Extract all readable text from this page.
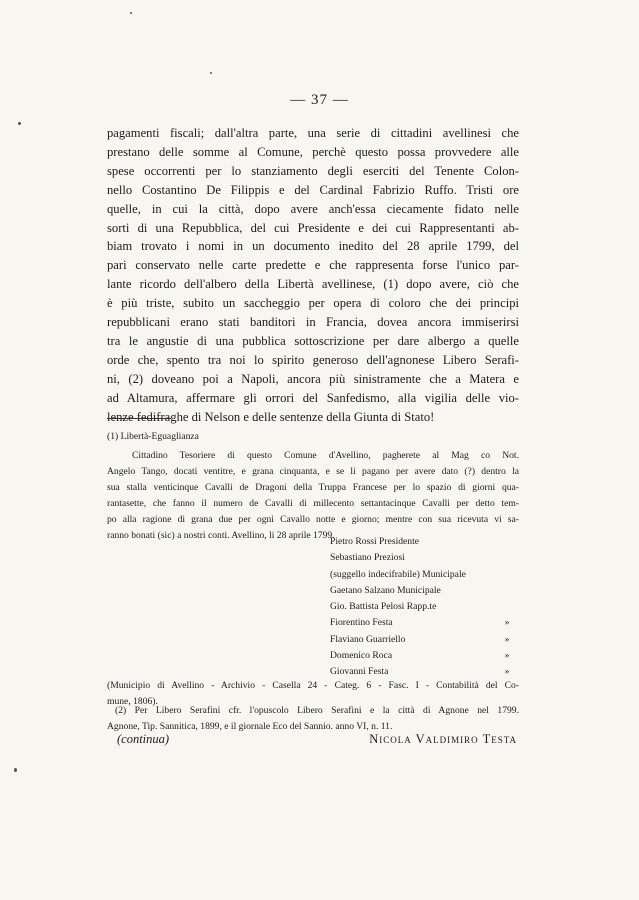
— 37 —
pagamenti fiscali; dall'altra parte, una serie di cittadini avellinesi che
prestano delle somme al Comune, perchè questo possa provvedere alle
spese occorrenti per lo stanziamento degli eserciti del Tenente Colon-
nello Costantino De Filippis e del Cardinal Fabrizio Ruffo. Tristi ore
quelle, in cui la città, dopo avere anch'essa ciecamente fidato nelle
sorti di una Repubblica, del cui Presidente e dei cui Rappresentanti ab-
biam trovato i nomi in un documento inedito del 28 aprile 1799, del
pari conservato nelle carte predette e che rappresenta forse l'unico par-
lante ricordo dell'albero della Libertà avellinese, (1) dopo avere, ciò che
è più triste, subito un saccheggio per opera di coloro che dei principi
repubblicani erano stati banditori in Francia, dovea ancora immiserirsi
tra le angustie di una pubblica sottoscrizione per dare albergo a quelle
orde che, spento tra noi lo spirito generoso dell'agnonese Libero Serafi-
ni, (2) doveano poi a Napoli, ancora più sinistramente che a Matera e
ad Altamura, affermare gli orrori del Sanfedismo, alla vigilia delle vio-
lenze fedifraghe di Nelson e delle sentenze della Giunta di Stato!
(1) Libertà-Eguaglianza
Cittadino Tesoriere di questo Comune d'Avellino, pagherete al Mag co Not.
Angelo Tango, docati ventitre, e grana cinquanta, e se li pagano per avere dato (?) dentro la
sua stalla venticinque Cavalli de Dragoni della Truppa Francese per lo spazio di giorni qua-
rantasette, che fanno il numero de Cavalli di millecento settantacinque Cavalli per detto tem-
po alla ragione di grana due per ogni Cavallo notte e giorno; mentre con sua ricevuta vi sa-
ranno bonati (sic) a nostri conti. Avellino, li 28 aprile 1799.
Pietro Rossi Presidente
Sebastiano Preziosi
(suggello indecifrabile) Municipale
Gaetano Salzano Municipale
Gio. Battista Pelosi Rapp.te
Fiorentino Festa	»
Flaviano Guarriello	»
Domenico Roca	»
Giovanni Festa	»
(Municipio di Avellino - Archivio - Casella 24 - Categ. 6 - Fasc. I - Contabilità del Co-
mune, 1806).
(2) Per Libero Serafini cfr. l'opuscolo Libero Serafini e la città di Agnone nel 1799.
Agnone, Tip. Sannitica, 1899, e il giornale Eco del Sannio. anno VI, n. 11.
(continua)	Nicola Valdimiro Testa
